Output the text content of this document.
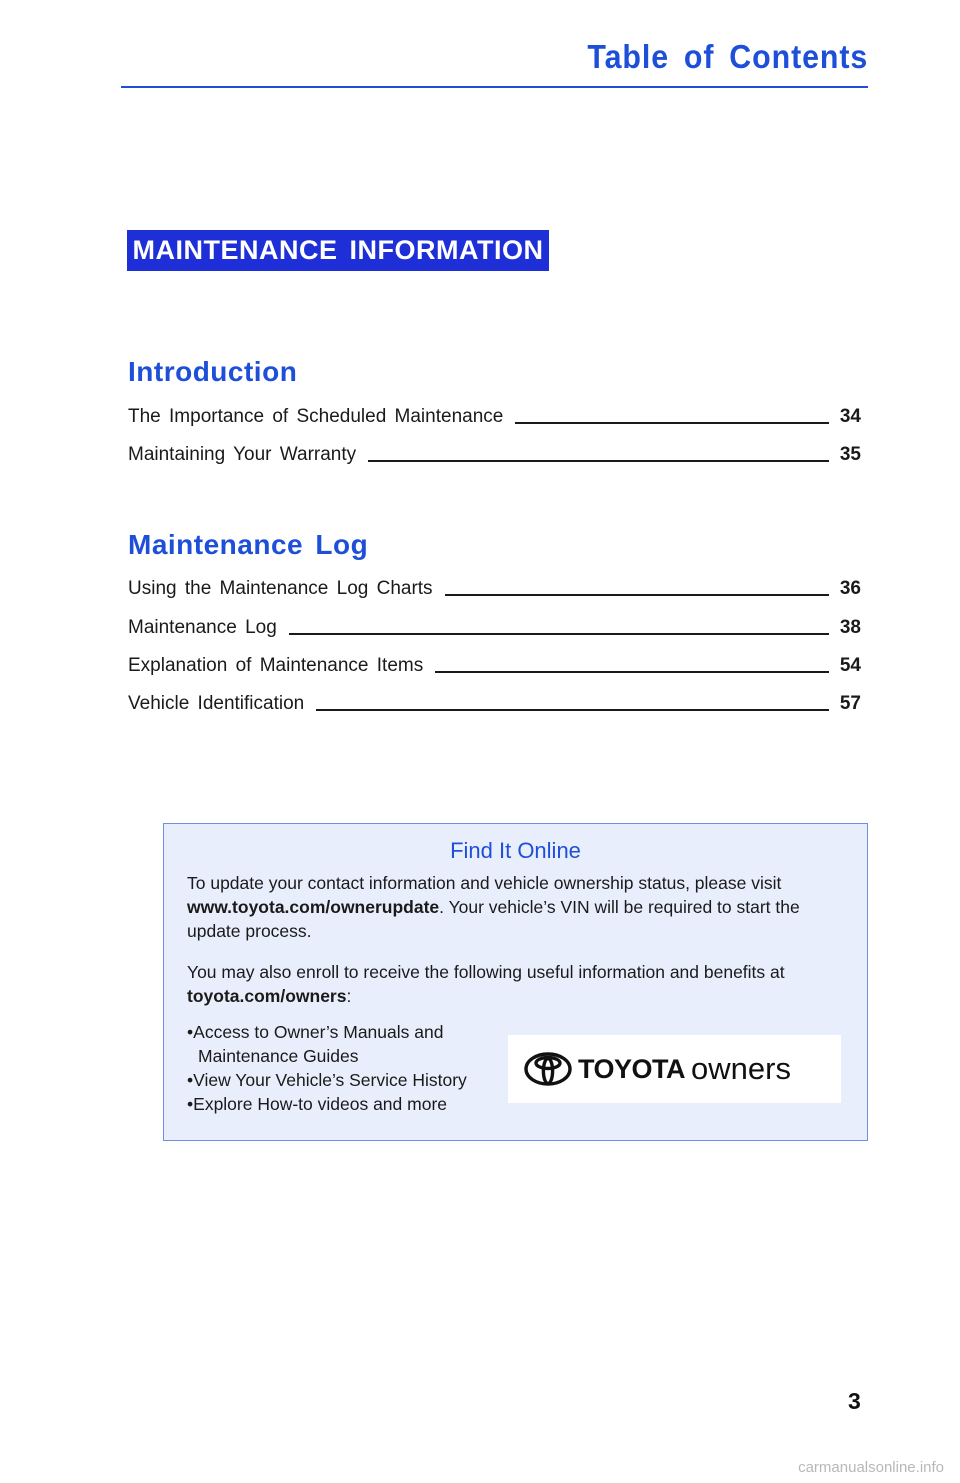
Table of Contents
MAINTENANCE INFORMATION
Introduction
The Importance of Scheduled Maintenance	34
Maintaining Your Warranty	35
Maintenance Log
Using the Maintenance Log Charts	36
Maintenance Log	38
Explanation of Maintenance Items	54
Vehicle Identification	57
Find It Online
To update your contact information and vehicle ownership status, please visit www.toyota.com/ownerupdate. Your vehicle’s VIN will be required to start the update process.
You may also enroll to receive the following useful information and benefits at toyota.com/owners:
• Access to Owner’s Manuals and Maintenance Guides
• View Your Vehicle’s Service History
• Explore How-to videos and more
TOYOTA owners
3
carmanualsonline.info
